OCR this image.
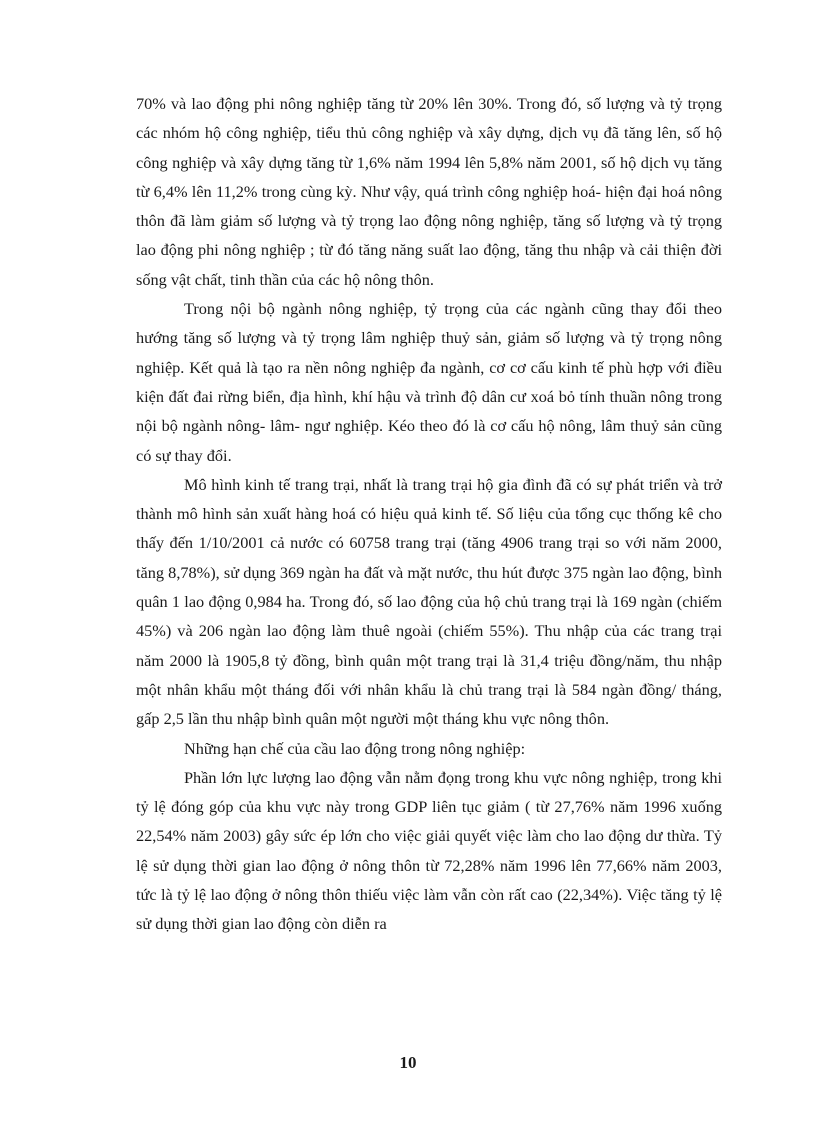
70% và lao động phi nông nghiệp tăng từ 20% lên 30%. Trong đó, số lượng và tỷ trọng các nhóm hộ công nghiệp, tiểu thủ công nghiệp và xây dựng, dịch vụ đã tăng lên, số hộ công nghiệp và xây dựng tăng từ 1,6% năm 1994 lên 5,8% năm 2001, số hộ dịch vụ tăng từ 6,4% lên 11,2% trong cùng kỳ. Như vậy, quá trình công nghiệp hoá- hiện đại hoá nông thôn đã làm giảm số lượng và tỷ trọng lao động nông nghiệp, tăng số lượng và tỷ trọng lao động phi nông nghiệp ; từ đó tăng năng suất lao động, tăng thu nhập và cải thiện đời sống vật chất, tinh thần của các hộ nông thôn.

Trong nội bộ ngành nông nghiệp, tỷ trọng của các ngành cũng thay đổi theo hướng tăng số lượng và tỷ trọng lâm nghiệp thuỷ sản, giảm số lượng và tỷ trọng nông nghiệp. Kết quả là tạo ra nền nông nghiệp đa ngành, cơ cơ cấu kinh tế phù hợp với điều kiện đất đai rừng biển, địa hình, khí hậu và trình độ dân cư xoá bỏ tính thuần nông trong nội bộ ngành nông- lâm- ngư nghiệp. Kéo theo đó là cơ cấu hộ nông, lâm thuỷ sản cũng có sự thay đổi.

Mô hình kinh tế trang trại, nhất là trang trại hộ gia đình đã có sự phát triển và trở thành mô hình sản xuất hàng hoá có hiệu quả kinh tế. Số liệu của tổng cục thống kê cho thấy đến 1/10/2001 cả nước có 60758 trang trại (tăng 4906 trang trại so với năm 2000, tăng 8,78%), sử dụng 369 ngàn ha đất và mặt nước, thu hút được 375 ngàn lao động, bình quân 1 lao động 0,984 ha. Trong đó, số lao động của hộ chủ trang trại là 169 ngàn (chiếm 45%) và 206 ngàn lao động làm thuê ngoài (chiếm 55%). Thu nhập của các trang trại năm 2000 là 1905,8 tỷ đồng, bình quân một trang trại là 31,4 triệu đồng/năm, thu nhập một nhân khẩu một tháng đối với nhân khẩu là chủ trang trại là 584 ngàn đồng/ tháng, gấp 2,5 lần thu nhập bình quân một người một tháng khu vực nông thôn.

Những hạn chế của cầu lao động trong nông nghiệp:

Phần lớn lực lượng lao động vẫn nằm đọng trong khu vực nông nghiệp, trong khi tỷ lệ đóng góp của khu vực này trong GDP liên tục giảm ( từ 27,76% năm 1996 xuống 22,54% năm 2003) gây sức ép lớn cho việc giải quyết việc làm cho lao động dư thừa. Tỷ lệ sử dụng thời gian lao động ở nông thôn từ 72,28% năm 1996 lên 77,66% năm 2003, tức là tỷ lệ lao động ở nông thôn thiếu việc làm vẫn còn rất cao (22,34%). Việc tăng tỷ lệ sử dụng thời gian lao động còn diễn ra

10
